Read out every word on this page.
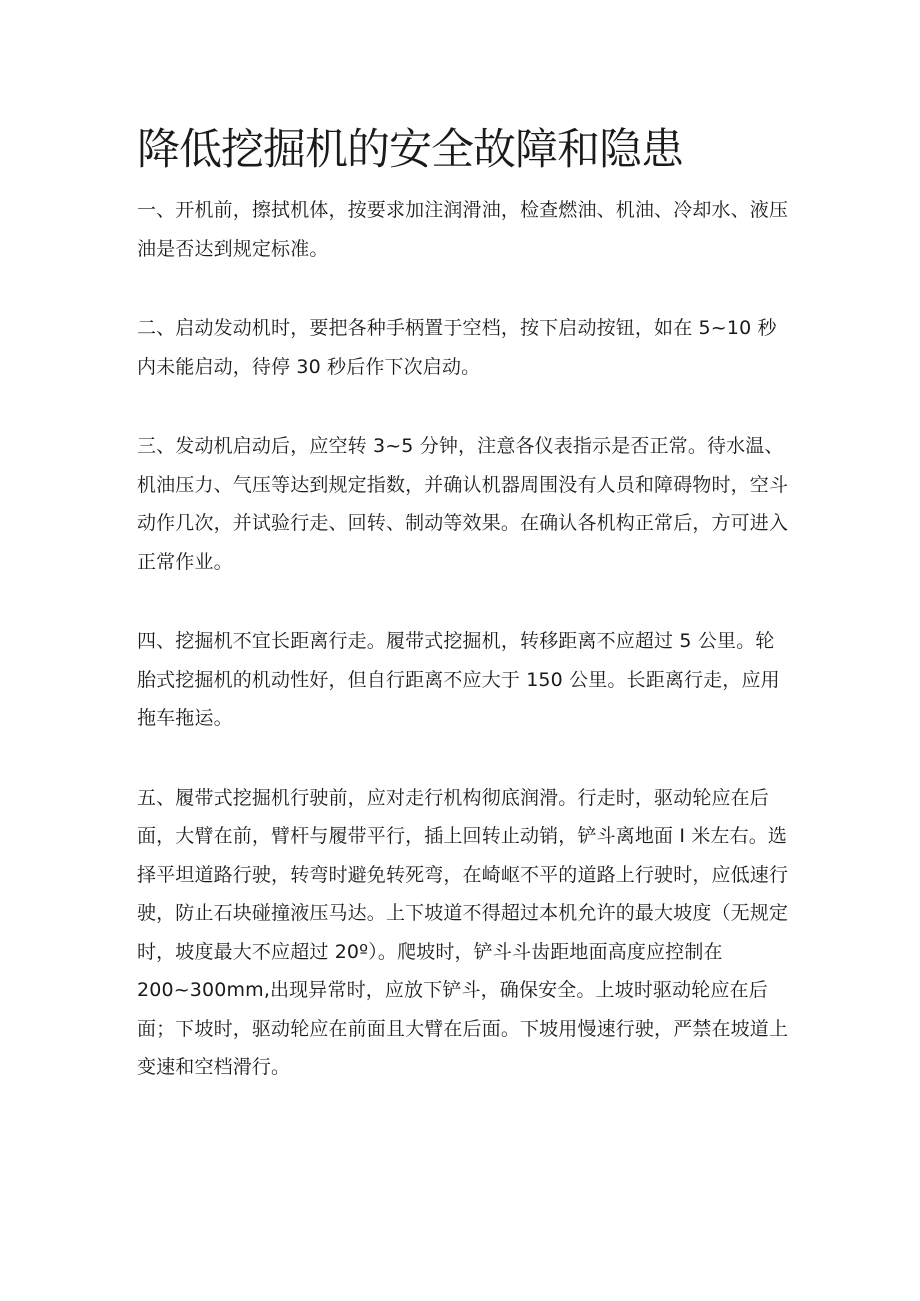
降低挖掘机的安全故障和隐患

一、开机前，擦拭机体，按要求加注润滑油，检查燃油、机油、冷却水、液压油是否达到规定标准。

二、启动发动机时，要把各种手柄置于空档，按下启动按钮，如在 5~10 秒内未能启动，待停 30 秒后作下次启动。

三、发动机启动后，应空转 3~5 分钟，注意各仪表指示是否正常。待水温、机油压力、气压等达到规定指数，并确认机器周围没有人员和障碍物时，空斗动作几次，并试验行走、回转、制动等效果。在确认各机构正常后，方可进入正常作业。

四、挖掘机不宜长距离行走。履带式挖掘机，转移距离不应超过 5 公里。轮胎式挖掘机的机动性好，但自行距离不应大于 150 公里。长距离行走，应用拖车拖运。

五、履带式挖掘机行驶前，应对走行机构彻底润滑。行走时，驱动轮应在后面，大臂在前，臂杆与履带平行，插上回转止动销，铲斗离地面 I 米左右。选择平坦道路行驶，转弯时避免转死弯，在崎岖不平的道路上行驶时，应低速行驶，防止石块碰撞液压马达。上下坡道不得超过本机允许的最大坡度（无规定时，坡度最大不应超过 20º）。爬坡时，铲斗斗齿距地面高度应控制在 200~300mm,出现异常时，应放下铲斗，确保安全。上坡时驱动轮应在后面；下坡时，驱动轮应在前面且大臂在后面。下坡用慢速行驶，严禁在坡道上变速和空档滑行。
